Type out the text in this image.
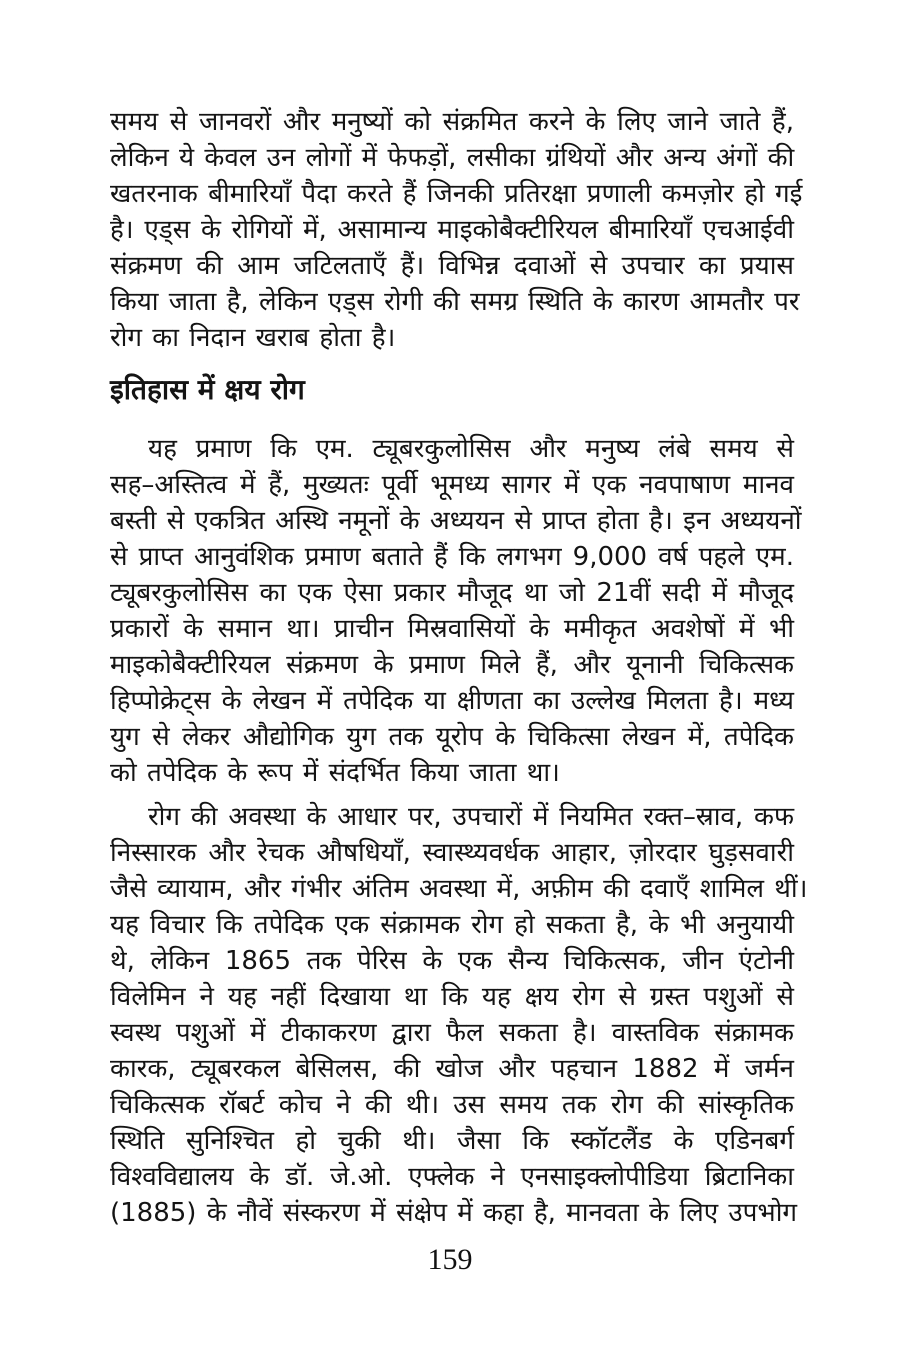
समय से जानवरों और मनुष्यों को संक्रमित करने के लिए जाने जाते हैं,
लेकिन ये केवल उन लोगों में फेफड़ों, लसीका ग्रंथियों और अन्य अंगों की
खतरनाक बीमारियाँ पैदा करते हैं जिनकी प्रतिरक्षा प्रणाली कमज़ोर हो गई
है। एड्स के रोगियों में, असामान्य माइकोबैक्टीरियल बीमारियाँ एचआईवी
संक्रमण की आम जटिलताएँ हैं। विभिन्न दवाओं से उपचार का प्रयास
किया जाता है, लेकिन एड्स रोगी की समग्र स्थिति के कारण आमतौर पर
रोग का निदान खराब होता है।
इतिहास में क्षय रोग
यह प्रमाण कि एम. ट्यूबरकुलोसिस और मनुष्य लंबे समय से
सह–अस्तित्व में हैं, मुख्यतः पूर्वी भूमध्य सागर में एक नवपाषाण मानव
बस्ती से एकत्रित अस्थि नमूनों के अध्ययन से प्राप्त होता है। इन अध्ययनों
से प्राप्त आनुवंशिक प्रमाण बताते हैं कि लगभग 9,000 वर्ष पहले एम.
ट्यूबरकुलोसिस का एक ऐसा प्रकार मौजूद था जो 21वीं सदी में मौजूद
प्रकारों के समान था। प्राचीन मिस्रवासियों के ममीकृत अवशेषों में भी
माइकोबैक्टीरियल संक्रमण के प्रमाण मिले हैं, और यूनानी चिकित्सक
हिप्पोक्रेट्स के लेखन में तपेदिक या क्षीणता का उल्लेख मिलता है। मध्य
युग से लेकर औद्योगिक युग तक यूरोप के चिकित्सा लेखन में, तपेदिक
को तपेदिक के रूप में संदर्भित किया जाता था।
रोग की अवस्था के आधार पर, उपचारों में नियमित रक्त–स्राव, कफ
निस्सारक और रेचक औषधियाँ, स्वास्थ्यवर्धक आहार, ज़ोरदार घुड़सवारी
जैसे व्यायाम, और गंभीर अंतिम अवस्था में, अफ़ीम की दवाएँ शामिल थीं।
यह विचार कि तपेदिक एक संक्रामक रोग हो सकता है, के भी अनुयायी
थे, लेकिन 1865 तक पेरिस के एक सैन्य चिकित्सक, जीन एंटोनी
विलेमिन ने यह नहीं दिखाया था कि यह क्षय रोग से ग्रस्त पशुओं से
स्वस्थ पशुओं में टीकाकरण द्वारा फैल सकता है। वास्तविक संक्रामक
कारक, ट्यूबरकल बेसिलस, की खोज और पहचान 1882 में जर्मन
चिकित्सक रॉबर्ट कोच ने की थी। उस समय तक रोग की सांस्कृतिक
स्थिति सुनिश्चित हो चुकी थी। जैसा कि स्कॉटलैंड के एडिनबर्ग
विश्वविद्यालय के डॉ. जे.ओ. एफ्लेक ने एनसाइक्लोपीडिया ब्रिटानिका
(1885) के नौवें संस्करण में संक्षेप में कहा है, मानवता के लिए उपभोग
159
